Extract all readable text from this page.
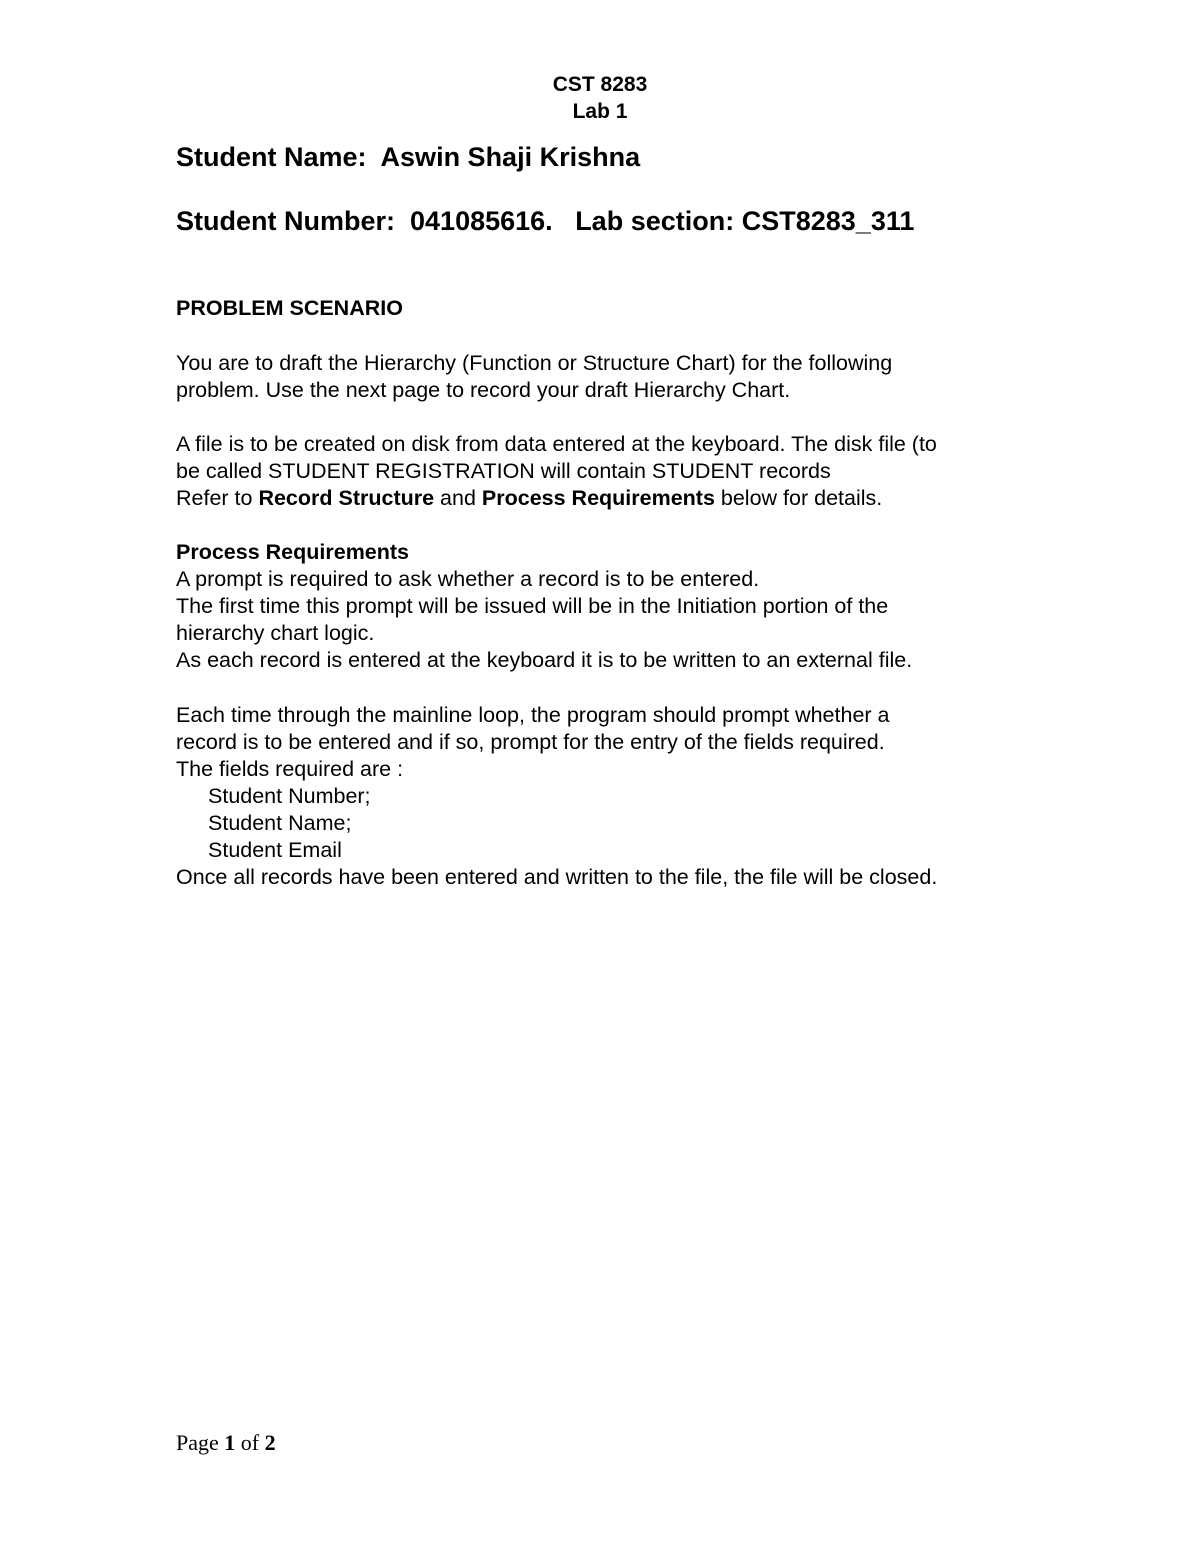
CST 8283
Lab 1
Student Name: Aswin Shaji Krishna
Student Number: 041085616. Lab section: CST8283_311
PROBLEM SCENARIO
You are to draft the Hierarchy (Function or Structure Chart) for the following
problem. Use the next page to record your draft Hierarchy Chart.
A file is to be created on disk from data entered at the keyboard. The disk file (to
be called STUDENT REGISTRATION will contain STUDENT records
Refer to Record Structure and Process Requirements below for details.
Process Requirements
A prompt is required to ask whether a record is to be entered.
The first time this prompt will be issued will be in the Initiation portion of the
hierarchy chart logic.
As each record is entered at the keyboard it is to be written to an external file.
Each time through the mainline loop, the program should prompt whether a
record is to be entered and if so, prompt for the entry of the fields required.
The fields required are :
Student Number;
Student Name;
Student Email
Once all records have been entered and written to the file, the file will be closed.
Page 1 of 2
